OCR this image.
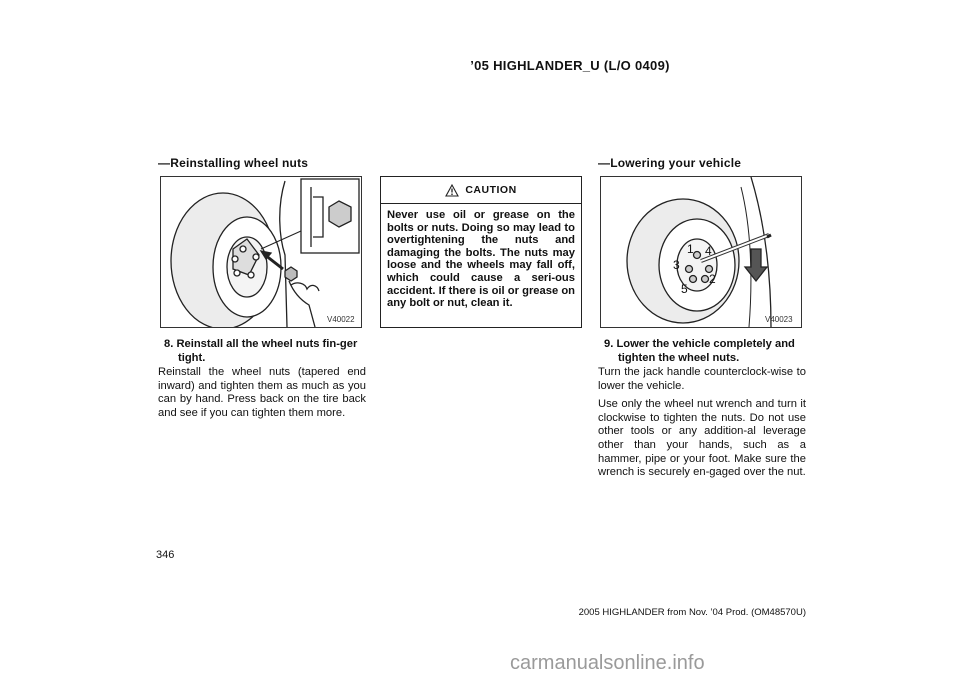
’05 HIGHLANDER_U (L/O 0409)
—Reinstalling wheel nuts
V40022
8. Reinstall all the wheel nuts fin-ger tight.

Reinstall the wheel nuts (tapered end inward) and tighten them as much as you can by hand. Press back on the tire back and see if you can tighten them more.

CAUTION
Never use oil or grease on the bolts or nuts. Doing so may lead to overtightening the nuts and damaging the bolts. The nuts may loose and the wheels may fall off, which could cause a seri-ous accident. If there is oil or grease on any bolt or nut, clean it.
—Lowering your vehicle
1
2
3
4
5
V40023
9. Lower the vehicle completely and tighten the wheel nuts.

Turn the jack handle counterclock-wise to lower the vehicle.

Use only the wheel nut wrench and turn it clockwise to tighten the nuts. Do not use other tools or any addition-al leverage other than your hands, such as a hammer, pipe or your foot. Make sure the wrench is securely en-gaged over the nut.

346
2005 HIGHLANDER from Nov. ’04 Prod. (OM48570U)
carmanualsonline.info
